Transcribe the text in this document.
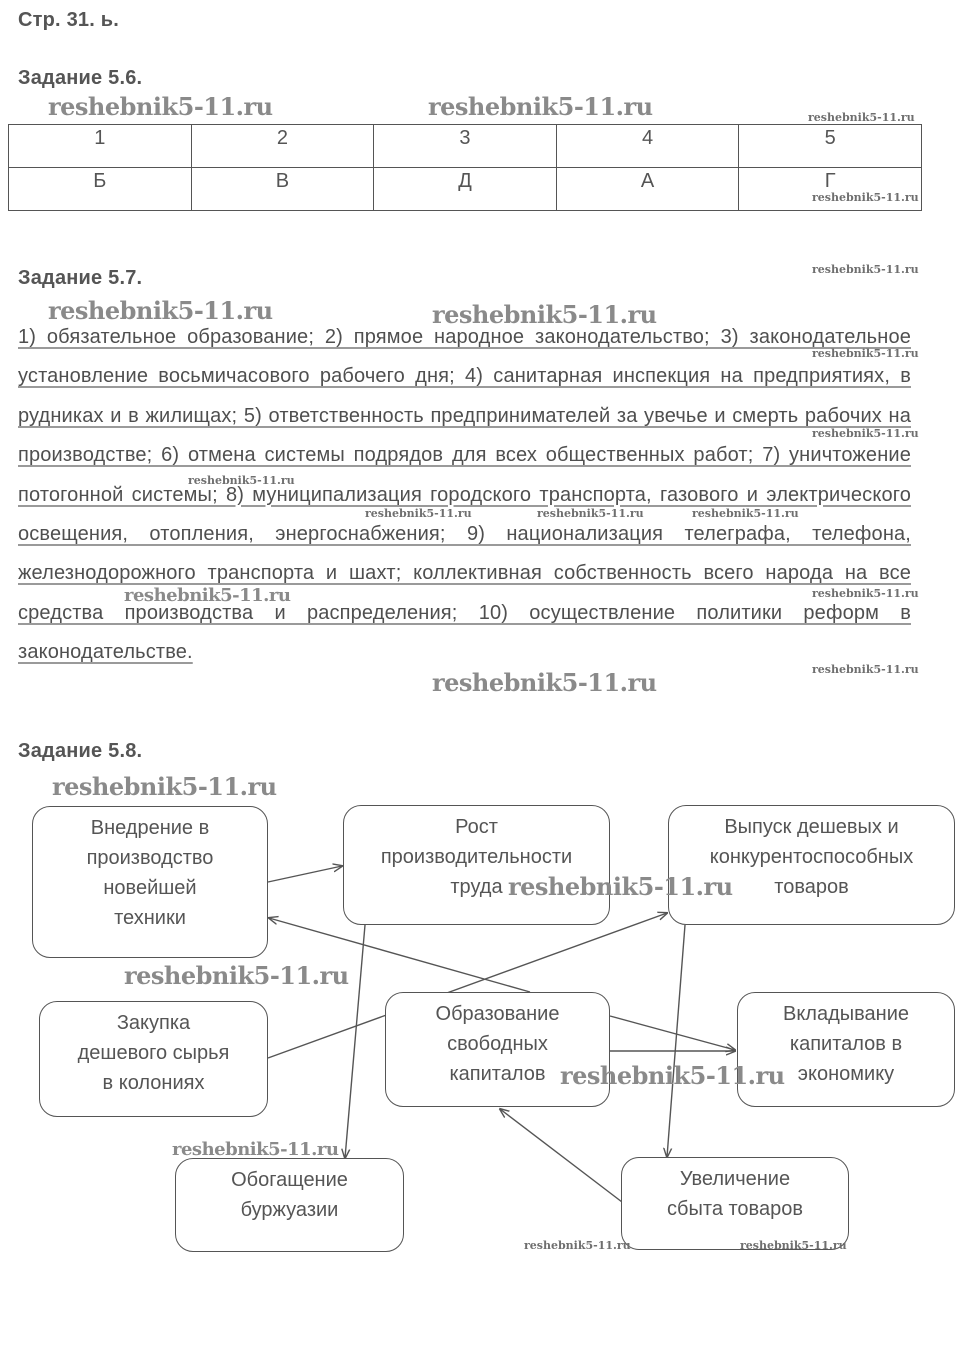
Стр. 31. ь.
Задание 5.6.
reshebnik5-11.ru	reshebnik5-11.ru	reshebnik5-11.ru
1	2	3	4	5
Б	В	Д	А	Г
reshebnik5-11.ru
Задание 5.7.	reshebnik5-11.ru
reshebnik5-11.ru	reshebnik5-11.ru
1) обязательное образование; 2) прямое народное законодательство; 3) законодательное установление восьмичасового рабочего дня; 4) санитарная инспекция на предприятиях, в рудниках и в жилищах; 5) ответственность предпринимателей за увечье и смерть рабочих на производстве; 6) отмена системы подрядов для всех общественных работ; 7) уничтожение потогонной системы; 8) муниципализация городского транспорта, газового и электрического освещения, отопления, энергоснабжения; 9) национализация телеграфа, телефона, железнодорожного транспорта и шахт; коллективная собственность всего народа на все средства производства и распределения; 10) осуществление политики реформ в законодательстве.
reshebnik5-11.ru
reshebnik5-11.ru
reshebnik5-11.ru
reshebnik5-11.ru	reshebnik5-11.ru	reshebnik5-11.ru
reshebnik5-11.ru	reshebnik5-11.ru
reshebnik5-11.ru
reshebnik5-11.ru
Задание 5.8.
reshebnik5-11.ru
Внедрение в
производство
новейшей
техники
Рост
производительности
труда
Выпуск дешевых и
конкурентоспособных
товаров
Закупка
дешевого сырья
в колониях
Образование
свободных
капиталов
Вкладывание
капиталов в
экономику
Обогащение
буржуазии
Увеличение
сбыта товаров
reshebnik5-11.ru
reshebnik5-11.ru
reshebnik5-11.ru
reshebnik5-11.ru
reshebnik5-11.ru	reshebnik5-11.ru
